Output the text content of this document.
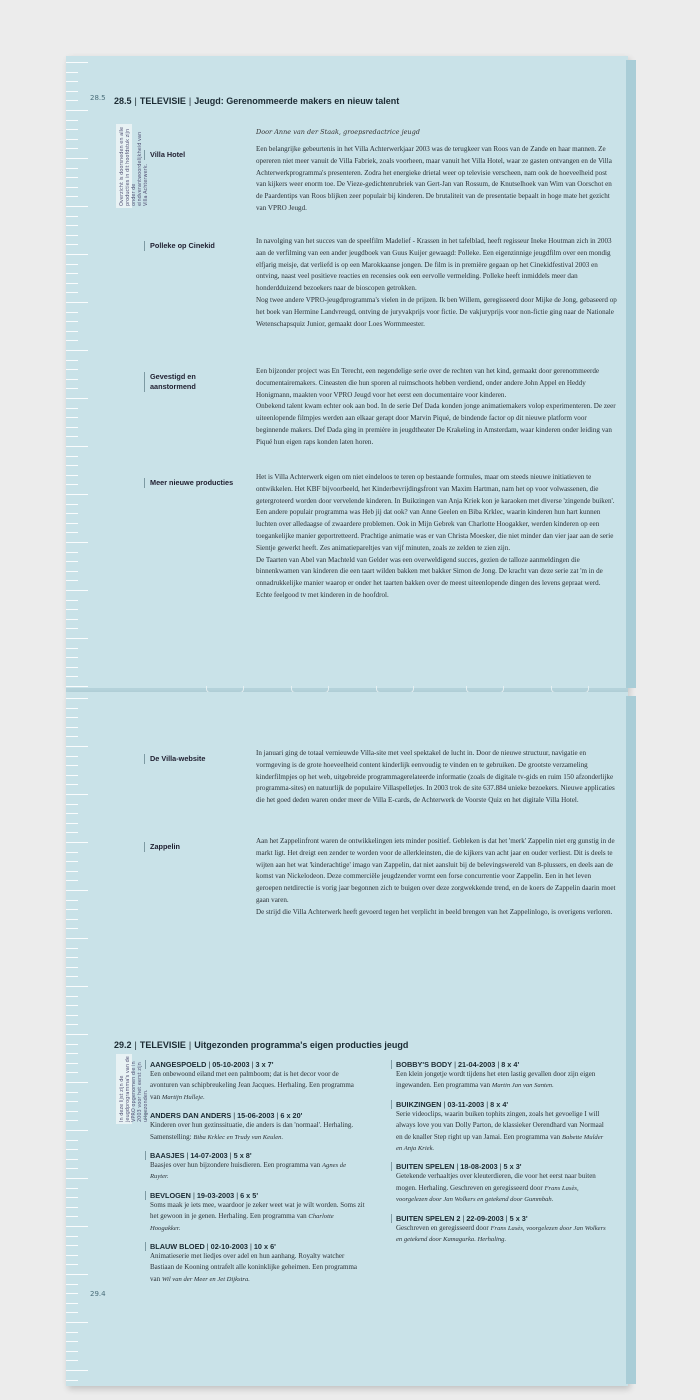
28.5
Overzicht is doorsneden en alle producties in dit hoofdstuk zijn onder de eindverantwoordelijkheid van Villa Achterwerk.
28.5 | TELEVISIE | Jeugd: Gerenommeerde makers en nieuw talent
Door Anne van der Staak, groepsredactrice jeugd
Villa Hotel

Een belangrijke gebeurtenis in het Villa Achterwerkjaar 2003 was de terugkeer van Roos van de Zande en haar mannen. Ze opereren niet meer vanuit de Villa Fabriek, zoals voorheen, maar vanuit het Villa Hotel, waar ze gasten ontvangen en de Villa Achterwerkprogramma's presenteren. Zodra het energieke drietal weer op televisie verscheen, nam ook de hoeveelheid post van kijkers weer enorm toe. De Vieze-gedichtenrubriek van Gert-Jan van Rossum, de Knutselhoek van Wim van Oorschot en de Paardentips van Roos blijken zeer populair bij kinderen. De brutaliteit van de presentatie bepaalt in hoge mate het gezicht van VPRO Jeugd.

Polleke op Cinekid	In navolging van het succes van de speelfilm Madelief - Krassen in het tafelblad, heeft regisseur Ineke Houtman zich in 2003 aan de verfilming van een ander jeugdboek van Guus Kuijer gewaagd: Polleke. Een eigenzinnige jeugdfilm over een mondig elfjarig meisje, dat verliefd is op een Marokkaanse jongen. De film is in première gegaan op het Cinekidfestival 2003 en ontving, naast veel positieve reacties en recensies ook een eervolle vermelding. Polleke heeft inmiddels meer dan honderdduizend bezoekers naar de bioscopen getrokken.

Nog twee andere VPRO-jeugdprogramma's vielen in de prijzen. Ik ben Willem, geregisseerd door Mijke de Jong, gebaseerd op het boek van Hermine Landvreugd, ontving de juryvakprijs voor fictie. De vakjuryprijs voor non-fictie ging naar de Nationale Wetenschapsquiz Junior, gemaakt door Loes Wormmeester.

Gevestigd en aanstormend

Een bijzonder project was En Terecht, een negendelige serie over de rechten van het kind, gemaakt door gerenommeerde documentairemakers. Cineasten die hun sporen al ruimschoots hebben verdiend, onder andere John Appel en Heddy Honigmann, maakten voor VPRO Jeugd voor het eerst een documentaire voor kinderen.

Onbekend talent kwam echter ook aan bod. In de serie Def Dada konden jonge animatiemakers volop experimenteren. De zeer uiteenlopende filmpjes werden aan elkaar gerapt door Marvin Piqué, de bindende factor op dit nieuwe platform voor beginnende makers. Def Dada ging in première in jeugdtheater De Krakeling in Amsterdam, waar kinderen onder leiding van Piqué hun eigen raps konden laten horen.

Meer nieuwe producties

Het is Villa Achterwerk eigen om niet eindeloos te teren op bestaande formules, maar om steeds nieuwe initiatieven te ontwikkelen. Het KBF bijvoorbeeld, het Kinderbevrijdingsfront van Maxim Hartman, nam het op voor volwassenen, die getergroteerd worden door vervelende kinderen. In Buikzingen van Anja Kriek kon je karaoken met diverse 'zingende buiken'. Een andere populair programma was Heb jij dat ook? van Anne Geelen en Biba Krklec, waarin kinderen hun hart kunnen luchten over alledaagse of zwaardere problemen. Ook in Mijn Gebrek van Charlotte Hoogakker, werden kinderen op een toegankelijke manier geportretteerd. Prachtige animatie was er van Christa Moesker, die niet minder dan vier jaar aan de serie Sientje gewerkt heeft. Zes animatiepareltjes van vijf minuten, zoals ze zelden te zien zijn.

De Taarten van Abel van Machteld van Gelder was een overweldigend succes, gezien de talloze aanmeldingen die binnenkwamen van kinderen die een taart wilden bakken met bakker Simon de Jong. De kracht van deze serie zat 'm in de onnadrukkelijke manier waarop er onder het taarten bakken over de meest uiteenlopende dingen des levens gepraat werd. Echte feelgood tv met kinderen in de hoofdrol.

De Villa-website

In januari ging de totaal vernieuwde Villa-site met veel spektakel de lucht in. Door de nieuwe structuur, navigatie en vormgeving is de grote hoeveelheid content kinderlijk eenvoudig te vinden en te gebruiken. De grootste verzameling kinderfilmpjes op het web, uitgebreide programmagerelateerde informatie (zoals de digitale tv-gids en ruim 150 afzonderlijke programma-sites) en natuurlijk de populaire Villaspelletjes. In 2003 trok de site 637.884 unieke bezoekers. Nieuwe applicaties die het goed deden waren onder meer de Villa E-cards, de Achterwerk de Voorste Quiz en het digitale Villa Hotel.

Zappelin

Aan het Zappelinfront waren de ontwikkelingen iets minder positief. Gebleken is dat het 'merk' Zappelin niet erg gunstig in de markt ligt. Het dreigt een zender te worden voor de allerkleinsten, die de kijkers van acht jaar en ouder verliest. Dit is deels te wijten aan het wat 'kinderachtige' imago van Zappelin, dat niet aansluit bij de belevingswereld van 8-plussers, en deels aan de komst van Nickelodeon. Deze commerciële jeugdzender vormt een forse concurrentie voor Zappelin. Een in het leven geroepen netdirectie is vorig jaar begonnen zich te buigen over deze zorgwekkende trend, en de koers de Zappelin daarin moet gaan varen.

De strijd die Villa Achterwerk heeft gevoerd tegen het verplicht in beeld brengen van het Zappelinlogo, is overigens verloren.

29.2 | TELEVISIE | Uitgezonden programma's eigen producties jeugd
In deze lijst zijn de jeugdprogramma's van de VPRO opgenomen die in 2003 voor het eerst zijn uitgezonden.
29.4
AANGESPOELD | 05-10-2003 | 3 x 7'
Een onbewoond eiland met een palmboom; dat is het decor voor de avonturen van schipbreukeling Jean Jacques. Herhaling. Een programma van Martijn Hulleje.
ANDERS DAN ANDERS | 15-06-2003 | 6 x 20'
Kinderen over hun gezinssituatie, die anders is dan 'normaal'. Herhaling. Samenstelling: Biba Krklec en Trudy van Keulen.
BAASJES | 14-07-2003 | 5 x 8'
Baasjes over hun bijzondere huisdieren. Een programma van Agnes de Ruyter.
BEVLOGEN | 19-03-2003 | 6 x 5'
Soms maak je iets mee, waardoor je zeker weet wat je wilt worden. Soms zit het gewoon in je genen. Herhaling. Een programma van Charlotte Hoogakker.
BLAUW BLOED | 02-10-2003 | 10 x 6'
Animatieserie met liedjes over adel en hun aanhang. Royalty watcher Bastiaan de Kooning ontrafelt alle koninklijke geheimen. Een programma van Wil van der Meer en Jet Dijkstra.
BOBBY'S BODY | 21-04-2003 | 8 x 4'
Een klein jongetje wordt tijdens het eten lastig gevallen door zijn eigen ingewanden. Een programma van Martin Jan van Santen.
BUIKZINGEN | 03-11-2003 | 8 x 4'
Serie videoclips, waarin buiken tophits zingen, zoals het gevoelige I will always love you van Dolly Parton, de klassieker Oerendhard van Normaal en de knaller Step right up van Jamai. Een programma van Babette Mulder en Anja Kriek.
BUITEN SPELEN | 18-08-2003 | 5 x 3'
Getekende verhaaltjes over kleuterdieren, die voor het eerst naar buiten mogen. Herhaling. Geschreven en geregisseerd door Frans Lasès, voorgelezen door Jan Wolkers en getekend door Gummbah.
BUITEN SPELEN 2 | 22-09-2003 | 5 x 3'
Geschreven en geregisseerd door Frans Lasès, voorgelezen door Jan Wolkers en getekend door Kamagurka. Herhaling.
